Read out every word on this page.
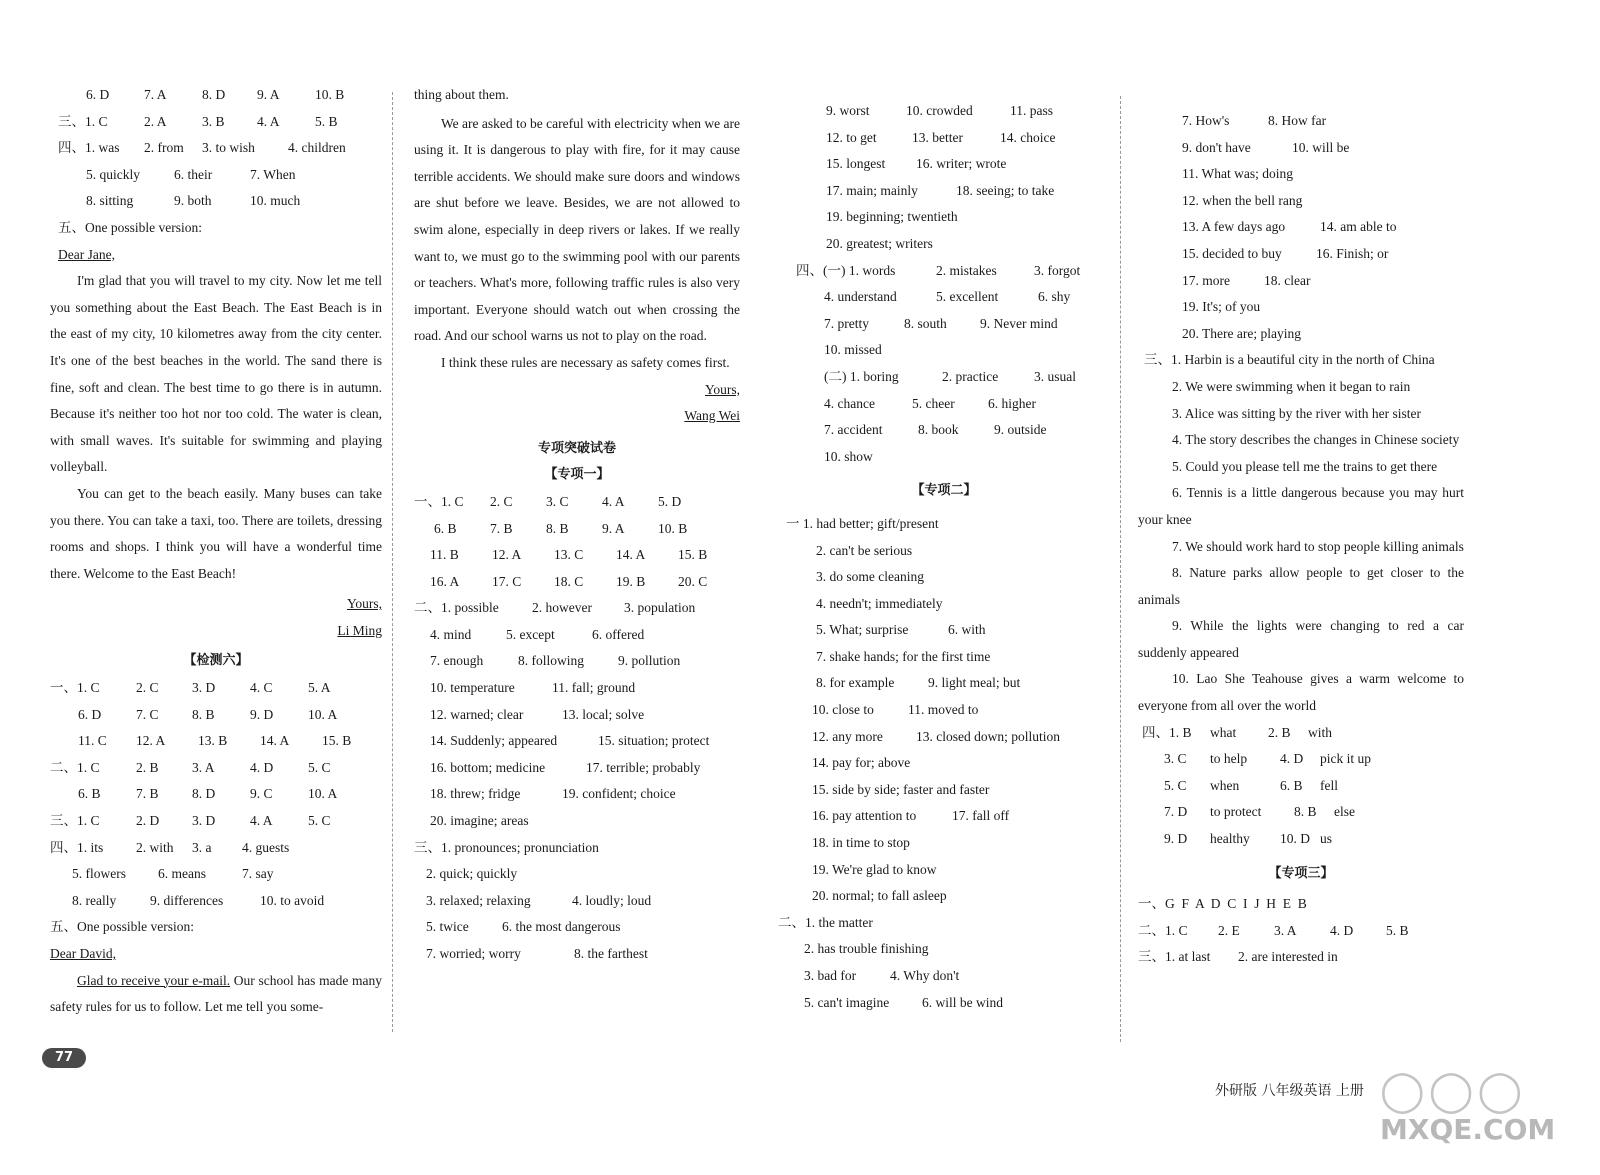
6. D	7. A	8. D 9. A	10. B
三、1. C	2. A	3. B 4. A	5. B
四、1. was 2. from 3. to wish 4. children
5. quickly	6. their	7. When
8. sitting	9. both	10. much
五、One possible version:
Dear Jane,

I'm glad that you will travel to my city. Now let me tell you something about the East Beach. The East Beach is in the east of my city, 10 kilometres away from the city center. It's one of the best beaches in the world. The sand there is fine, soft and clean. The best time to go there is in autumn. Because it's neither too hot nor too cold. The water is clean, with small waves. It's suitable for swimming and playing volleyball.

You can get to the beach easily. Many buses can take you there. You can take a taxi, too. There are toilets, dressing rooms and shops. I think you will have a wonderful time there. Welcome to the East Beach!

Yours,
Li Ming
【检测六】
一、1. C	2. C 3. D	4. C	5. A
6. D	7. C 8. B	9. D	10. A
11. C 12. A 13. B 14. A 15. B
二、1. C	2. B 3. A	4. D	5. C
6. B	7. B 8. D	9. C	10. A
三、1. C	2. D 3. D	4. A	5. C
四、1. its 2. with 3. a 4. guests
5. flowers 6. means	7. say
8. really	9. differences	10. to avoid
五、One possible version:
Dear David,

Glad to receive your e-mail. Our school has made many safety rules for us to follow. Let me tell you some-

thing about them.

We are asked to be careful with electricity when we are using it. It is dangerous to play with fire, for it may cause terrible accidents. We should make sure doors and windows are shut before we leave. Besides, we are not allowed to swim alone, especially in deep rivers or lakes. If we really want to, we must go to the swimming pool with our parents or teachers. What's more, following traffic rules is also very important. Everyone should watch out when crossing the road. And our school warns us not to play on the road.

I think these rules are necessary as safety comes first.

Yours,
Wang Wei
专项突破试卷
【专项一】
一、1. C 2. C 3. C 4. A 5. D
6. B 7. B 8. B 9. A 10. B
11. B 12. A 13. C 14. A 15. B
16. A 17. C 18. C 19. B 20. C
二、1. possible 2. however 3. population
4. mind	5. except	6. offered
7. enough	8. following	9. pollution
10. temperature	11. fall; ground
12. warned; clear	13. local; solve
14. Suddenly; appeared	15. situation; protect
16. bottom; medicine	17. terrible; probably
18. threw; fridge	19. confident; choice
20. imagine; areas
三、1. pronounces; pronunciation
2. quick; quickly
3. relaxed; relaxing	4. loudly; loud
5. twice 6. the most dangerous
7. worried; worry	8. the farthest
9. worst	10. crowded	11. pass
12. to get	13. better	14. choice
15. longest 16. writer; wrote
17. main; mainly	18. seeing; to take
19. beginning; twentieth
20. greatest; writers
四、(一) 1. words	2. mistakes	3. forgot
4. understand	5. excellent	6. shy
7. pretty	8. south 9. Never mind
10. missed
(二) 1. boring	2. practice	3. usual
4. chance	5. cheer 6. higher
7. accident	8. book	9. outside
10. show
【专项二】
一 1. had better; gift/present
2. can't be serious
3. do some cleaning
4. needn't; immediately
5. What; surprise	6. with
7. shake hands; for the first time
8. for example 9. light meal; but
10. close to	11. moved to
12. any more 13. closed down; pollution
14. pay for; above
15. side by side; faster and faster
16. pay attention to	17. fall off
18. in time to stop
19. We're glad to know
20. normal; to fall asleep
二、1. the matter
2. has trouble finishing
3. bad for	4. Why don't
5. can't imagine 6. will be wind
7. How's	8. How far
9. don't have	10. will be
11. What was; doing
12. when the bell rang
13. A few days ago	14. am able to
15. decided to buy	16. Finish; or
17. more	18. clear
19. It's; of you
20. There are; playing

三、1. Harbin is a beautiful city in the north of China

2. We were swimming when it began to rain

3. Alice was sitting by the river with her sister

4. The story describes the changes in Chinese society

5. Could you please tell me the trains to get there

6. Tennis is a little dangerous because you may hurt your knee

7. We should work hard to stop people killing animals

8. Nature parks allow people to get closer to the animals

9. While the lights were changing to red a car suddenly appeared

10. Lao She Teahouse gives a warm welcome to everyone from all over the world

四、1. B what 2. B with
3. C to help 4. D pick it up
5. C when	6. B fell
7. D to protect 8. B else
9. D healthy 10. D us
【专项三】
一、G  F  A  D  C  I  J  H  E  B
二、1. C 2. E	3. A 4. D 5. B
三、1. at last 2. are interested in
77
外研版 八年级英语 上册 ◯◯◯
MXQE.COM
